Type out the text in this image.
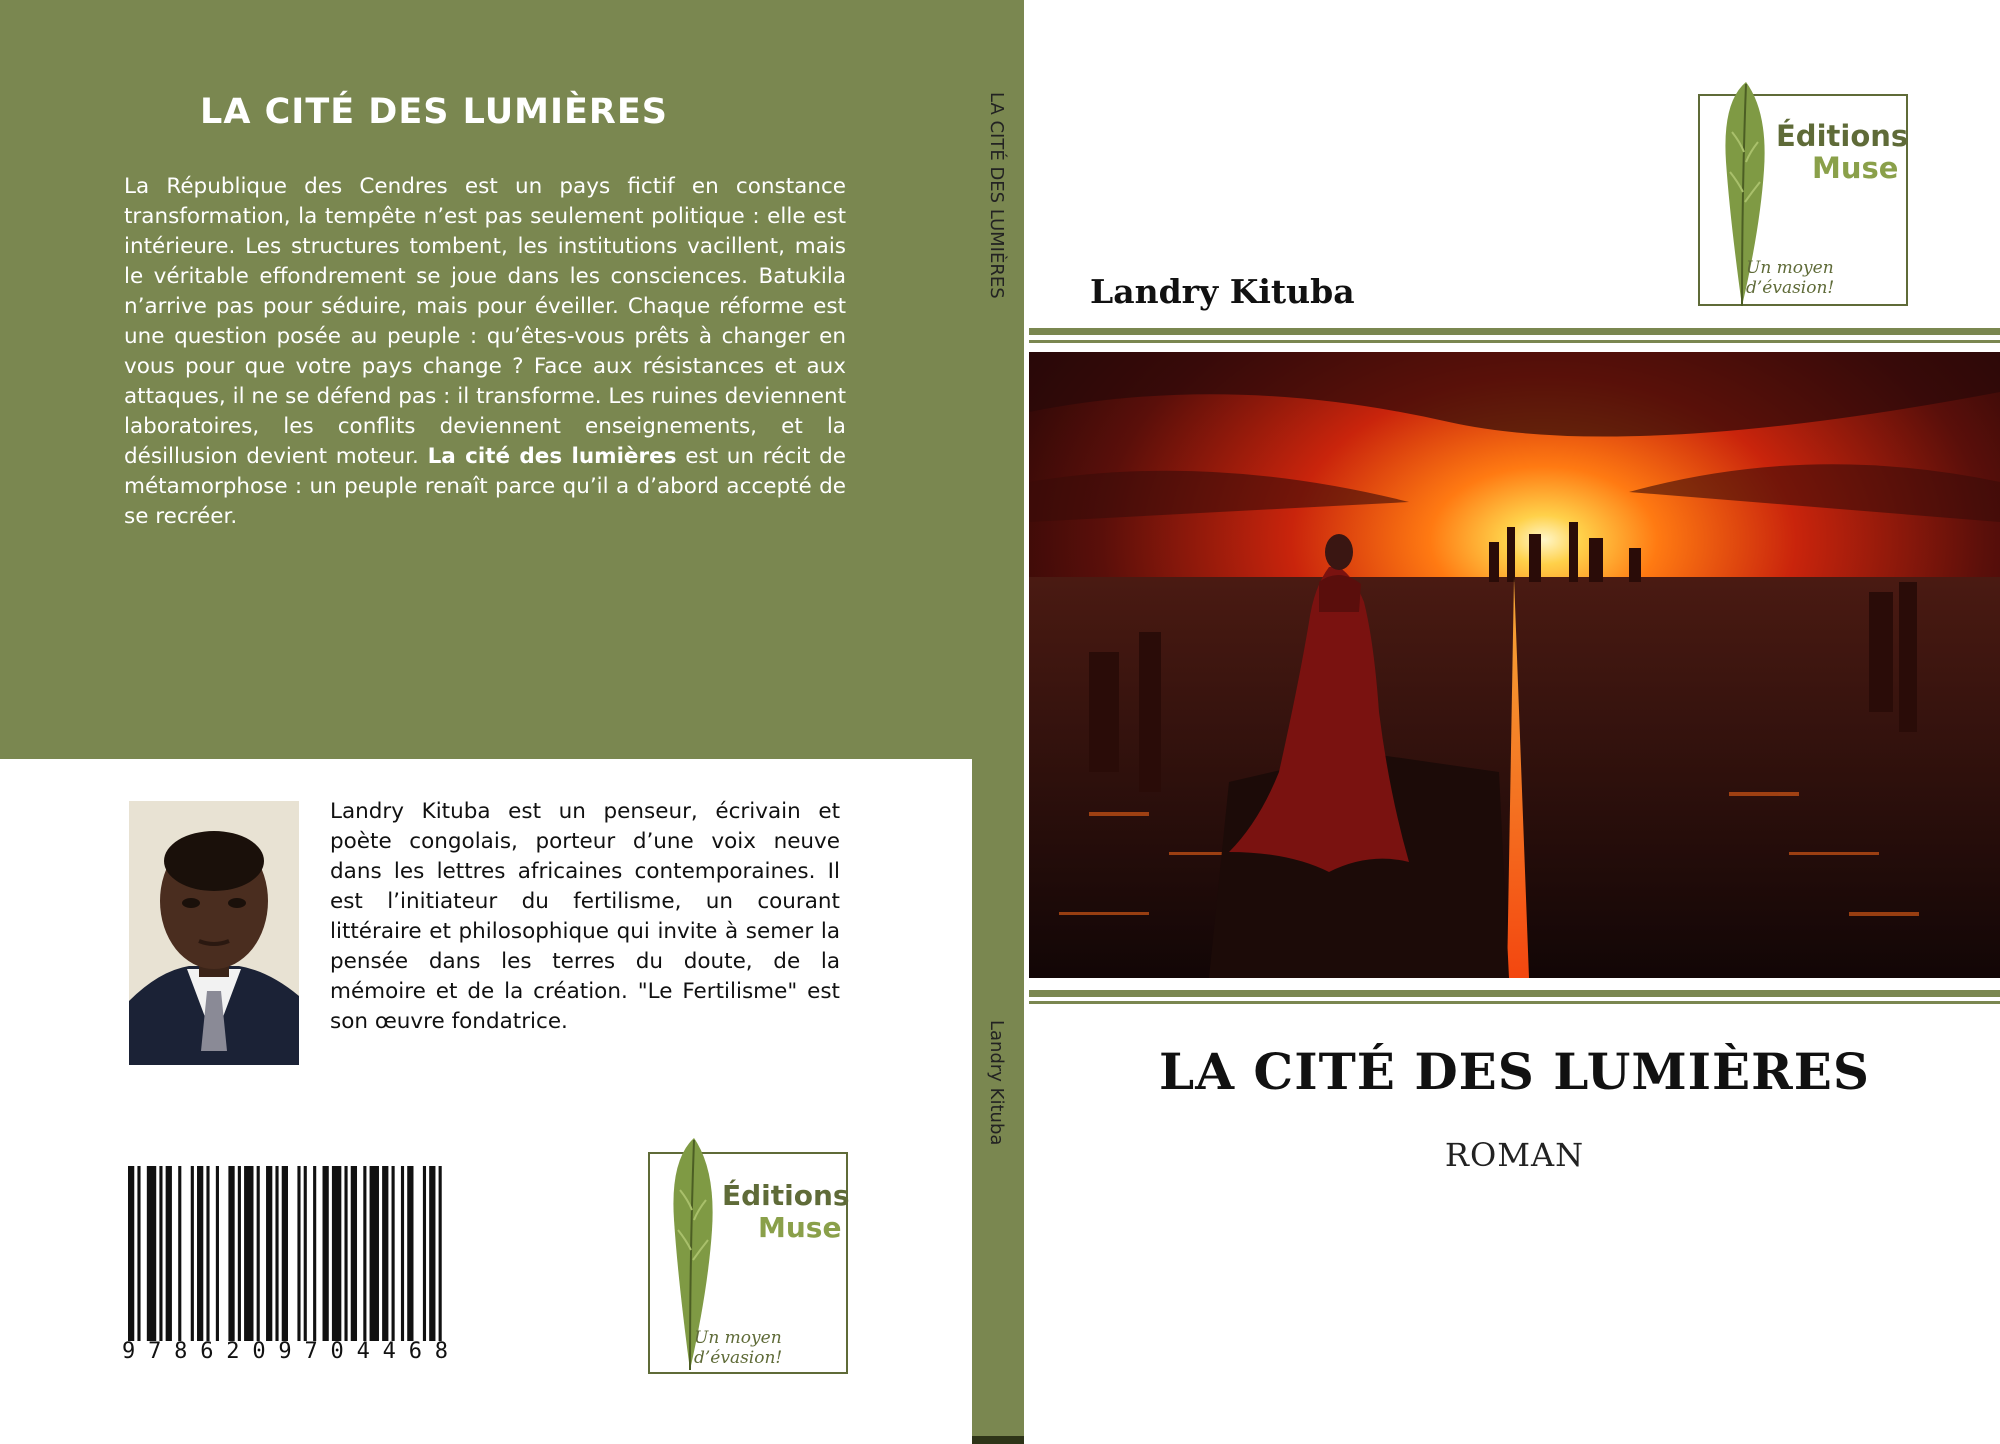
LA CITÉ DES LUMIÈRES
La République des Cendres est un pays fictif en constance transformation, la tempête n’est pas seulement politique : elle est intérieure. Les structures tombent, les institutions vacillent, mais le véritable effondrement se joue dans les consciences. Batukila n’arrive pas pour séduire, mais pour éveiller. Chaque réforme est une question posée au peuple : qu’êtes-vous prêts à changer en vous pour que votre pays change ? Face aux résistances et aux attaques, il ne se défend pas : il transforme. Les ruines deviennent laboratoires, les conflits deviennent enseignements, et la désillusion devient moteur. La cité des lumières est un récit de métamorphose : un peuple renaît parce qu’il a d’abord accepté de se recréer.
Landry Kituba est un penseur, écrivain et poète congolais, porteur d’une voix neuve dans les lettres africaines contemporaines. Il est l’initiateur du fertilisme, un courant littéraire et philosophique qui invite à semer la pensée dans les terres du doute, de la mémoire et de la création. "Le Fertilisme" est son œuvre fondatrice.
9 7 8 6 2 0 9 7 0 4 4 6 8
Éditions
Muse
Un moyen d’évasion!
LA CITÉ DES LUMIÈRES
Landry Kituba
Éditions
Muse
Un moyen d’évasion!
Landry Kituba
LA CITÉ DES LUMIÈRES
ROMAN
